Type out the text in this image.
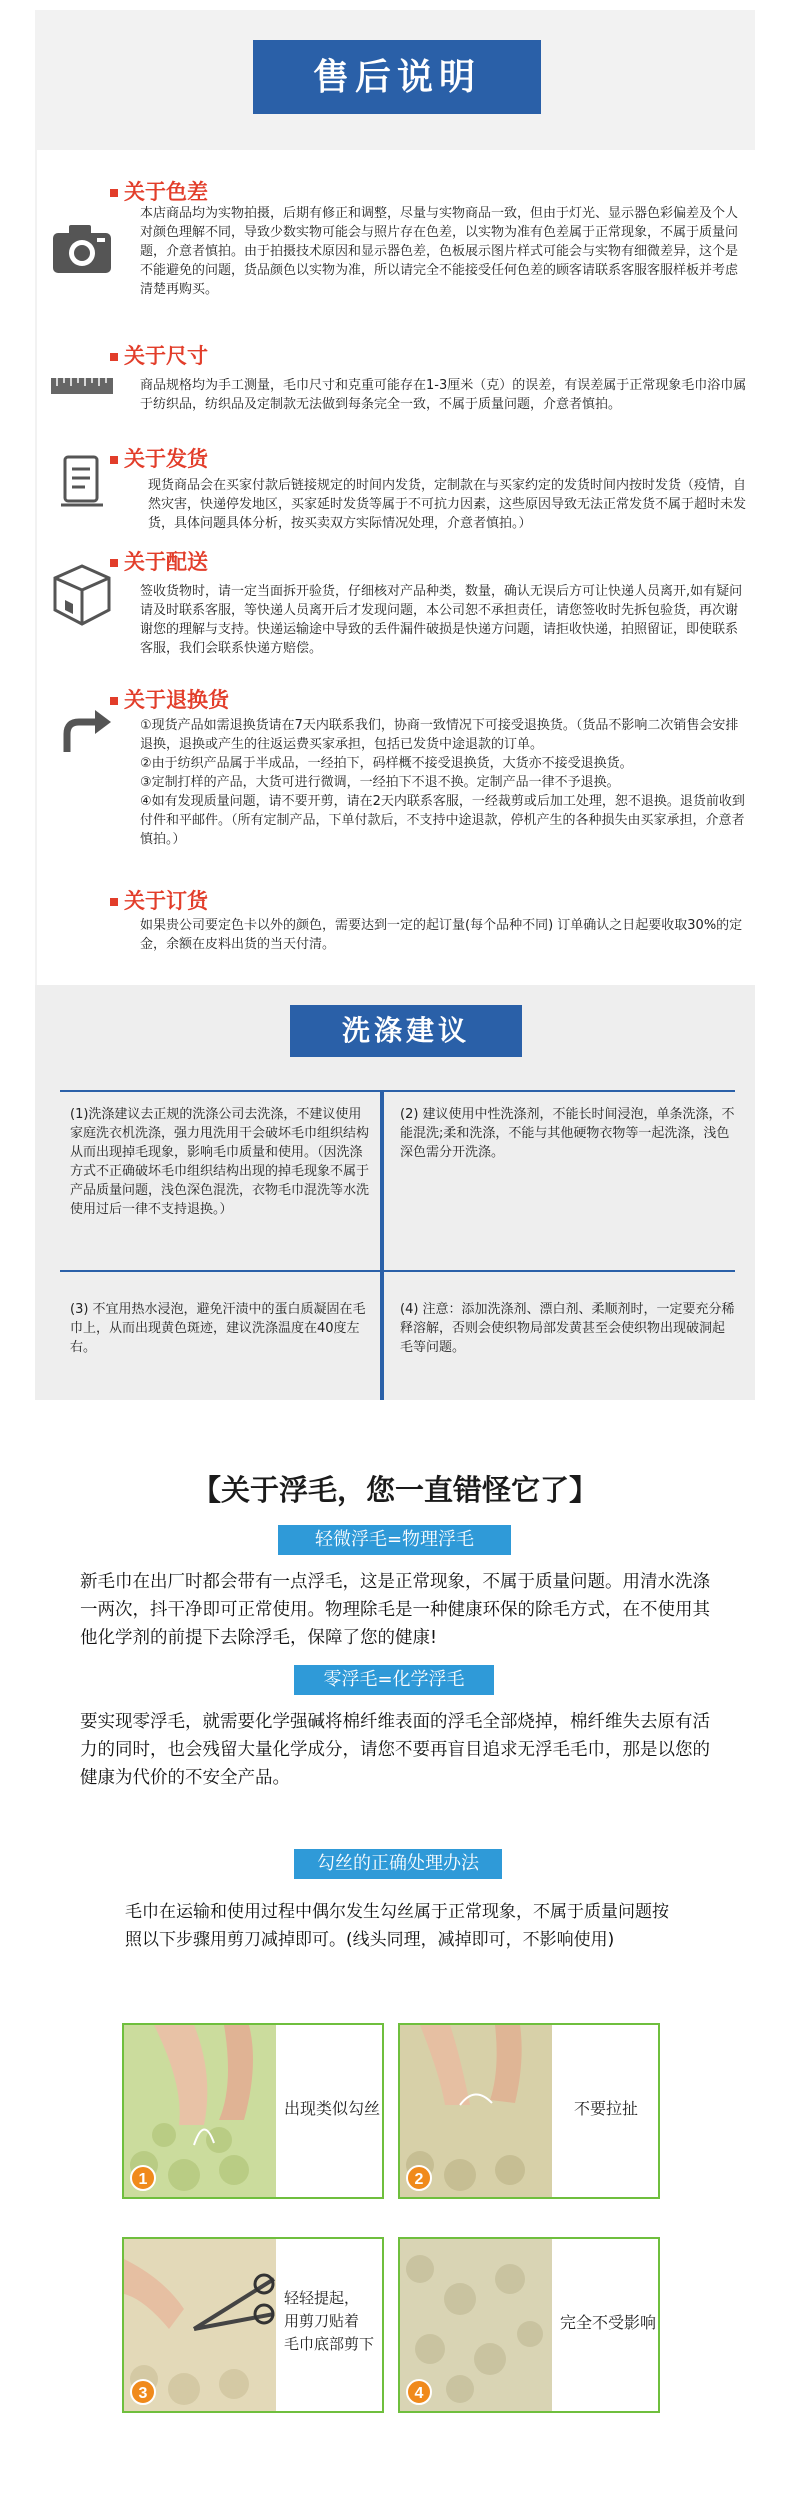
售后说明
关于色差
本店商品均为实物拍摄，后期有修正和调整，尽量与实物商品一致，但由于灯光、显示器色彩偏差及个人对颜色理解不同，导致少数实物可能会与照片存在色差，以实物为准有色差属于正常现象，不属于质量问题，介意者慎拍。由于拍摄技术原因和显示器色差，色板展示图片样式可能会与实物有细微差异，这个是不能避免的问题，货品颜色以实物为准，所以请完全不能接受任何色差的顾客请联系客服客服样板并考虑清楚再购买。
关于尺寸
商品规格均为手工测量，毛巾尺寸和克重可能存在1-3厘米（克）的误差，有误差属于正常现象毛巾浴巾属于纺织品，纺织品及定制款无法做到每条完全一致，不属于质量问题，介意者慎拍。
关于发货
现货商品会在买家付款后链接规定的时间内发货，定制款在与买家约定的发货时间内按时发货（疫情，自然灾害，快递停发地区，买家延时发货等属于不可抗力因素，这些原因导致无法正常发货不属于超时未发货，具体问题具体分析，按买卖双方实际情况处理，介意者慎拍。）
关于配送
签收货物时，请一定当面拆开验货，仔细核对产品种类，数量，确认无误后方可让快递人员离开,如有疑问请及时联系客服，等快递人员离开后才发现问题，本公司恕不承担责任，请您签收时先拆包验货，再次谢谢您的理解与支持。快递运输途中导致的丢件漏件破损是快递方问题，请拒收快递，拍照留证，即使联系客服，我们会联系快递方赔偿。
关于退换货
①现货产品如需退换货请在7天内联系我们，协商一致情况下可接受退换货。（货品不影响二次销售会安排退换，退换或产生的往返运费买家承担，包括已发货中途退款的订单。
②由于纺织产品属于半成品，一经拍下，码样概不接受退换货，大货亦不接受退换货。
③定制打样的产品，大货可进行微调，一经拍下不退不换。定制产品一律不予退换。
④如有发现质量问题，请不要开剪，请在2天内联系客服，一经裁剪或后加工处理，恕不退换。退货前收到付件和平邮件。（所有定制产品，下单付款后，不支持中途退款，停机产生的各种损失由买家承担，介意者慎拍。）
关于订货
如果贵公司要定色卡以外的颜色，需要达到一定的起订量(每个品种不同) 订单确认之日起要收取30%的定金，余额在皮料出货的当天付清。
洗涤建议
(1)洗涤建议去正规的洗涤公司去洗涤，不建议使用家庭洗衣机洗涤，强力甩洗用干会破坏毛巾组织结构从而出现掉毛现象，影响毛巾质量和使用。（因洗涤方式不正确破坏毛巾组织结构出现的掉毛现象不属于产品质量问题，浅色深色混洗，衣物毛巾混洗等水洗使用过后一律不支持退换。）
(2) 建议使用中性洗涤剂，不能长时间浸泡，单条洗涤，不能混洗;柔和洗涤，不能与其他硬物衣物等一起洗涤，浅色深色需分开洗涤。
(3) 不宜用热水浸泡，避免汗渍中的蛋白质凝固在毛巾上，从而出现黄色斑迹，建议洗涤温度在40度左右。
(4) 注意：添加洗涤剂、漂白剂、柔顺剂时，一定要充分稀释溶解，否则会使织物局部发黄甚至会使织物出现破洞起毛等问题。
【关于浮毛，您一直错怪它了】
轻微浮毛=物理浮毛
新毛巾在出厂时都会带有一点浮毛，这是正常现象，不属于质量问题。用清水洗涤一两次，抖干净即可正常使用。物理除毛是一种健康环保的除毛方式，在不使用其他化学剂的前提下去除浮毛，保障了您的健康!
零浮毛=化学浮毛
要实现零浮毛，就需要化学强碱将棉纤维表面的浮毛全部烧掉，棉纤维失去原有活力的同时，也会残留大量化学成分，请您不要再盲目追求无浮毛毛巾，那是以您的健康为代价的不安全产品。
勾丝的正确处理办法
毛巾在运输和使用过程中偶尔发生勾丝属于正常现象，不属于质量问题按照以下步骤用剪刀减掉即可。(线头同理，减掉即可，不影响使用)
出现类似勾丝
1
不要拉扯
2
轻轻提起，
用剪刀贴着
毛巾底部剪下
3
完全不受影响
4
